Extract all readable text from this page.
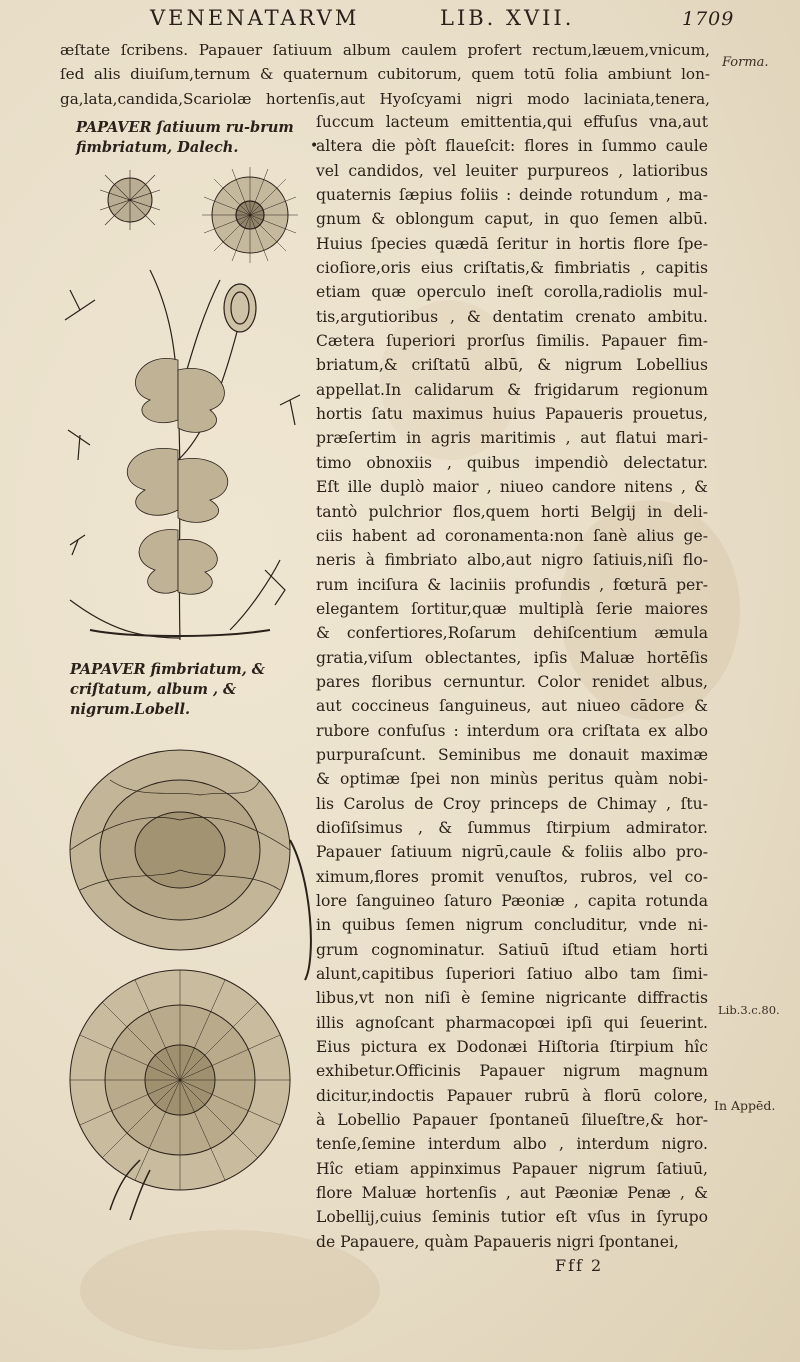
VENENATARVM	LIB. XVII.	1709
Forma.
æſtate ſcribens. Papauer ſatiuum album caulem profert rectum,læuem,vnicum,
ſed alis diuiſum,ternum & quaternum cubitorum, quem totū folia ambiunt lon-
ga,lata,candida,Scariolæ hortenſis,aut Hyoſcyami nigri modo laciniata,tenera,
PAPAVER ſatiuum ru-brum fimbriatum, Dalech.	•
ſuccum lacteum emittentia,qui effuſus vna,aut
altera die pòſt flaueſcit: flores in ſummo caule
vel candidos, vel leuiter purpureos , latioribus
quaternis ſæpius foliis : deinde rotundum , ma-
gnum & oblongum caput, in quo ſemen albū.
Huius ſpecies quædā ſeritur in hortis flore ſpe-
cioſiore,oris eius criſtatis,& fimbriatis , capitis
etiam quæ operculo ineſt corolla,radiolis mul-
tis,argutioribus , & dentatim crenato ambitu.
Cætera ſuperiori prorſus ſimilis. Papauer fim-
briatum,& criſtatū albū, & nigrum Lobellius
appellat.In calidarum & frigidarum regionum
hortis ſatu maximus huius Papaueris prouetus,
præſertim in agris maritimis , aut flatui mari-
timo obnoxiis , quibus impendiò delectatur.
Eſt ille duplò maior , niueo candore nitens , &
tantò pulchrior flos,quem horti Belgij in deli-
ciis habent ad coronamenta:non ſanè alius ge-
neris à fimbriato albo,aut nigro ſatiuis,niſi flo-
rum inciſura & laciniis profundis , fœturā per-
elegantem ſortitur,quæ multiplà ſerie maiores
& confertiores,Roſarum dehiſcentium æmula
gratia,viſum oblectantes, ipſis Maluæ hortēſis
pares floribus cernuntur. Color renidet albus,
aut coccineus ſanguineus, aut niueo cādore &
rubore confuſus : interdum ora criſtata ex albo
purpuraſcunt. Seminibus me donauit maximæ
& optimæ ſpei non minùs peritus quàm nobi-
lis Carolus de Croy princeps de Chimay , ſtu-
dioſiſsimus , & ſummus ſtirpium admirator.
Papauer ſatiuum nigrū,caule & foliis albo pro-
ximum,flores promit venuſtos, rubros, vel co-
lore ſanguineo ſaturo Pæoniæ , capita rotunda
in quibus ſemen nigrum concluditur, vnde ni-
grum cognominatur. Satiuū iſtud etiam horti
alunt,capitibus ſuperiori ſatiuo albo tam ſimi-
libus,vt non niſi è ſemine nigricante diffractis
illis agnoſcant pharmacopœi ipſi qui ſeuerint.
Eius pictura ex Dodonæi Hiſtoria ſtirpium hîc
exhibetur.Officinis Papauer nigrum magnum
dicitur,indoctis Papauer rubrū à florū colore,
à Lobellio Papauer ſpontaneū ſilueſtre,& hor-
tenſe,ſemine interdum albo , interdum nigro.
Hîc etiam appinximus Papauer nigrum ſatiuū,
flore Maluæ hortenſis , aut Pæoniæ Penæ , &
Lobellij,cuius ſeminis tutior eſt vſus in ſyrupo
de Papauere, quàm Papaueris nigri ſpontanei,
PAPAVER fimbriatum, & criſtatum, album , & nigrum.Lobell.
Lib.3.c.80.
In Appēd.
Fff 2
